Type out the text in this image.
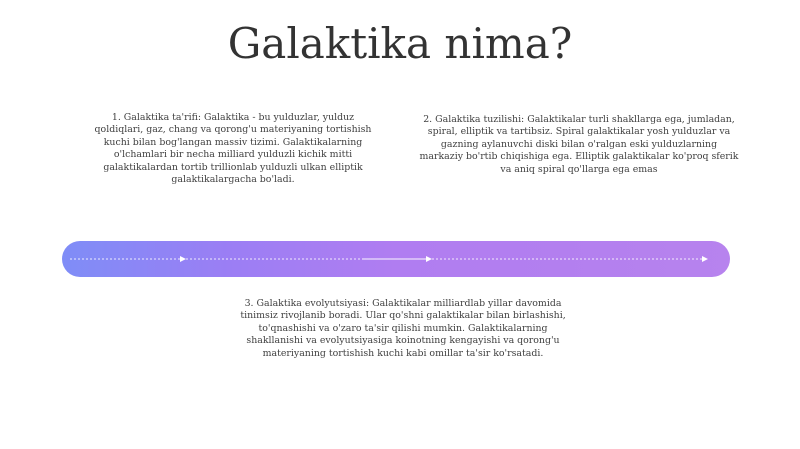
Galaktika nima?

1. Galaktika ta'rifi: Galaktika - bu yulduzlar, yulduz qoldiqlari, gaz, chang va qorong'u materiyaning tortishish kuchi bilan bog'langan massiv tizimi. Galaktikalarning o'lchamlari bir necha milliard yulduzli kichik mitti galaktikalardan tortib trillionlab yulduzli ulkan elliptik galaktikalargacha bo'ladi.

2. Galaktika tuzilishi: Galaktikalar turli shakllarga ega, jumladan, spiral, elliptik va tartibsiz. Spiral galaktikalar yosh yulduzlar va gazning aylanuvchi diski bilan o'ralgan eski yulduzlarning markaziy bo'rtib chiqishiga ega. Elliptik galaktikalar ko'proq sferik va aniq spiral qo'llarga ega emas

3. Galaktika evolyutsiyasi: Galaktikalar milliardlab yillar davomida tinimsiz rivojlanib boradi. Ular qo'shni galaktikalar bilan birlashishi, to'qnashishi va o'zaro ta'sir qilishi mumkin. Galaktikalarning shakllanishi va evolyutsiyasiga koinotning kengayishi va qorong'u materiyaning tortishish kuchi kabi omillar ta'sir ko'rsatadi.
